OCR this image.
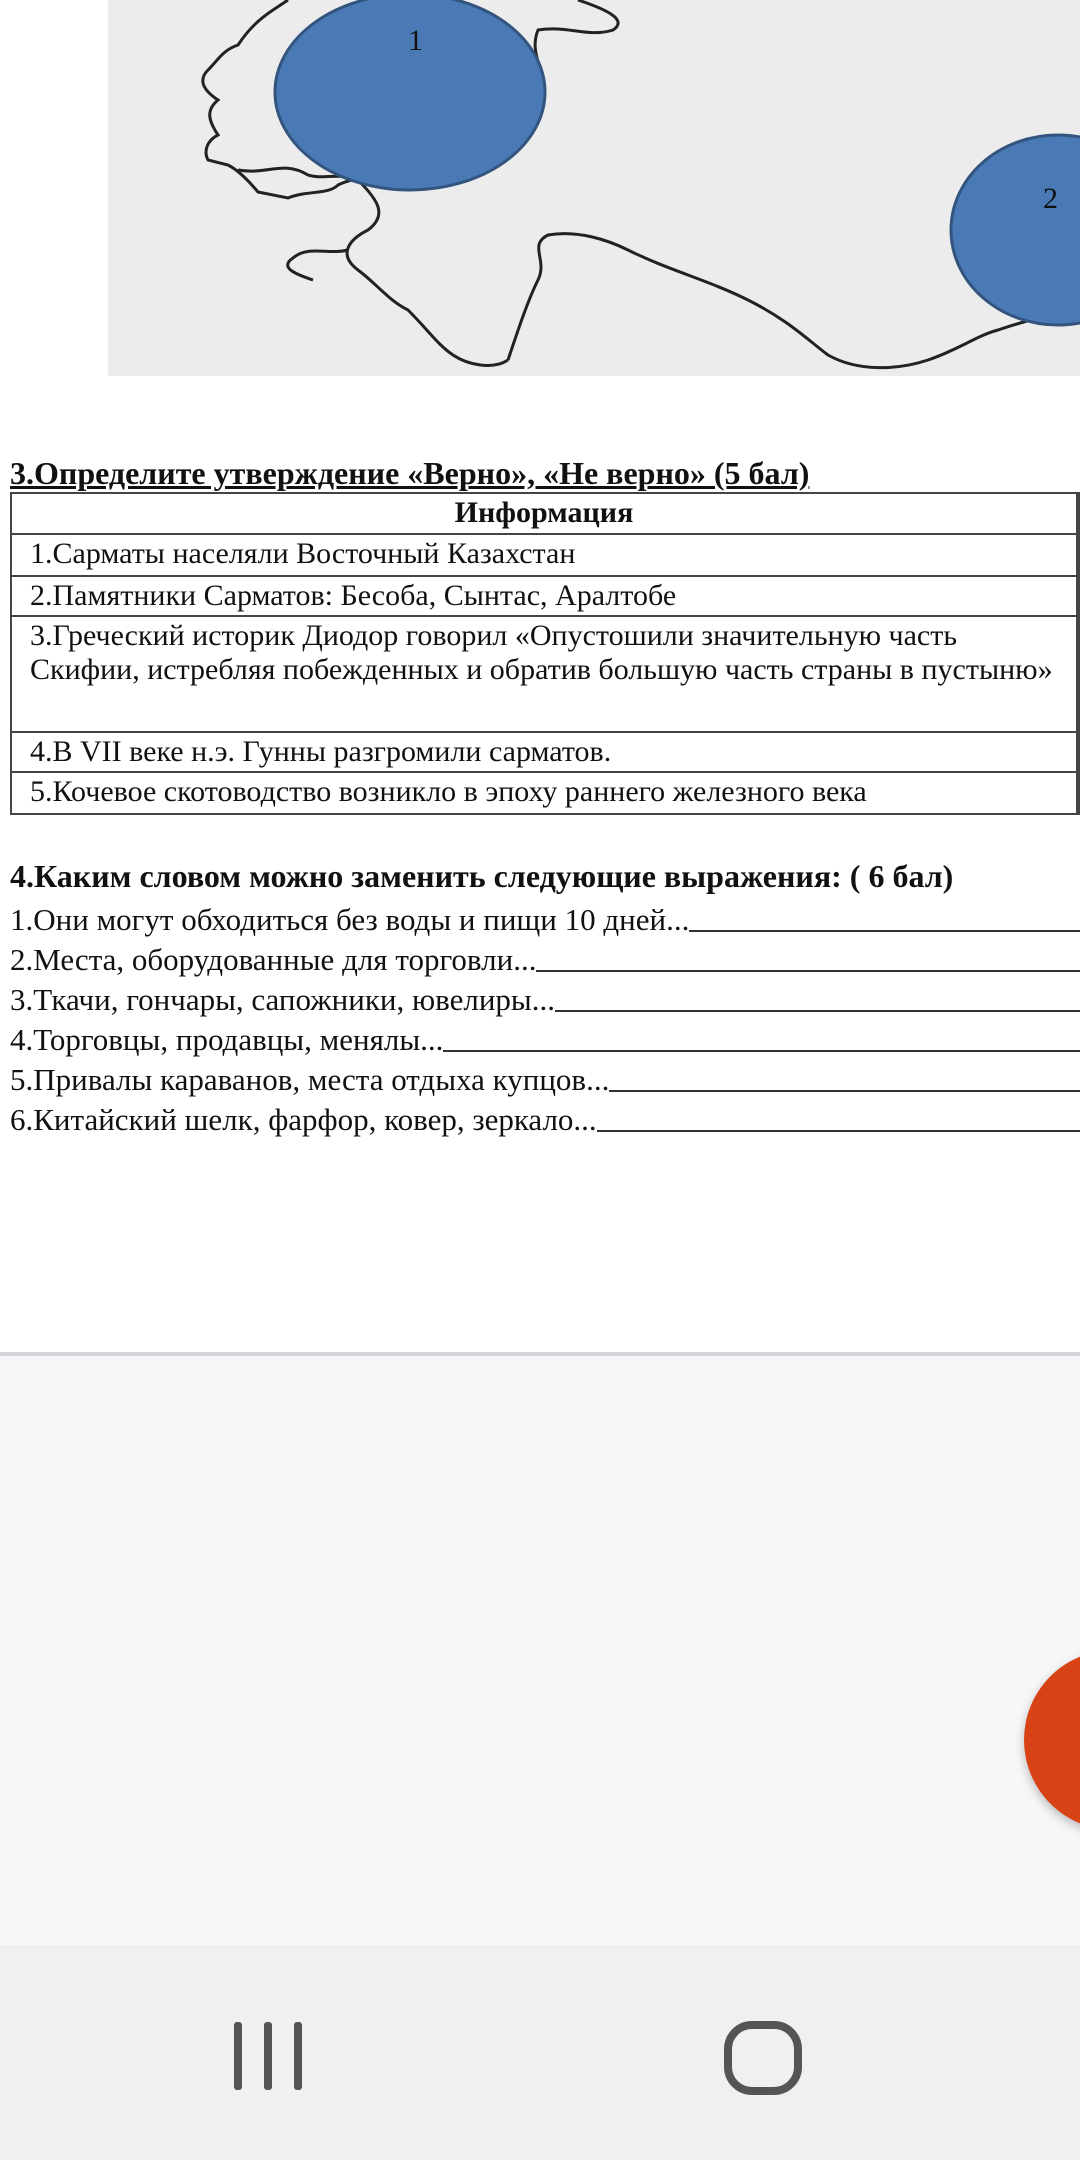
1
2
3.Определите утверждение «Верно», «Не верно» (5 бал)
Информация
1.Сарматы населяли Восточный Казахстан
2.Памятники Сарматов: Бесоба, Сынтас, Аралтобе
3.Греческий историк Диодор говорил «Опустошили значительную часть Скифии, истребляя побежденных и обратив большую часть страны в пустыню»
4.В VII веке н.э. Гунны разгромили сарматов.
5.Кочевое скотоводство возникло в эпоху раннего железного века
4.Каким словом можно заменить следующие выражения: ( 6 бал)
1.Они могут обходиться без воды и пищи 10 дней...
2.Места, оборудованные для торговли...
3.Ткачи, гончары, сапожники, ювелиры...
4.Торговцы, продавцы, менялы...
5.Привалы караванов, места отдыха купцов...
6.Китайский шелк, фарфор, ковер, зеркало...
